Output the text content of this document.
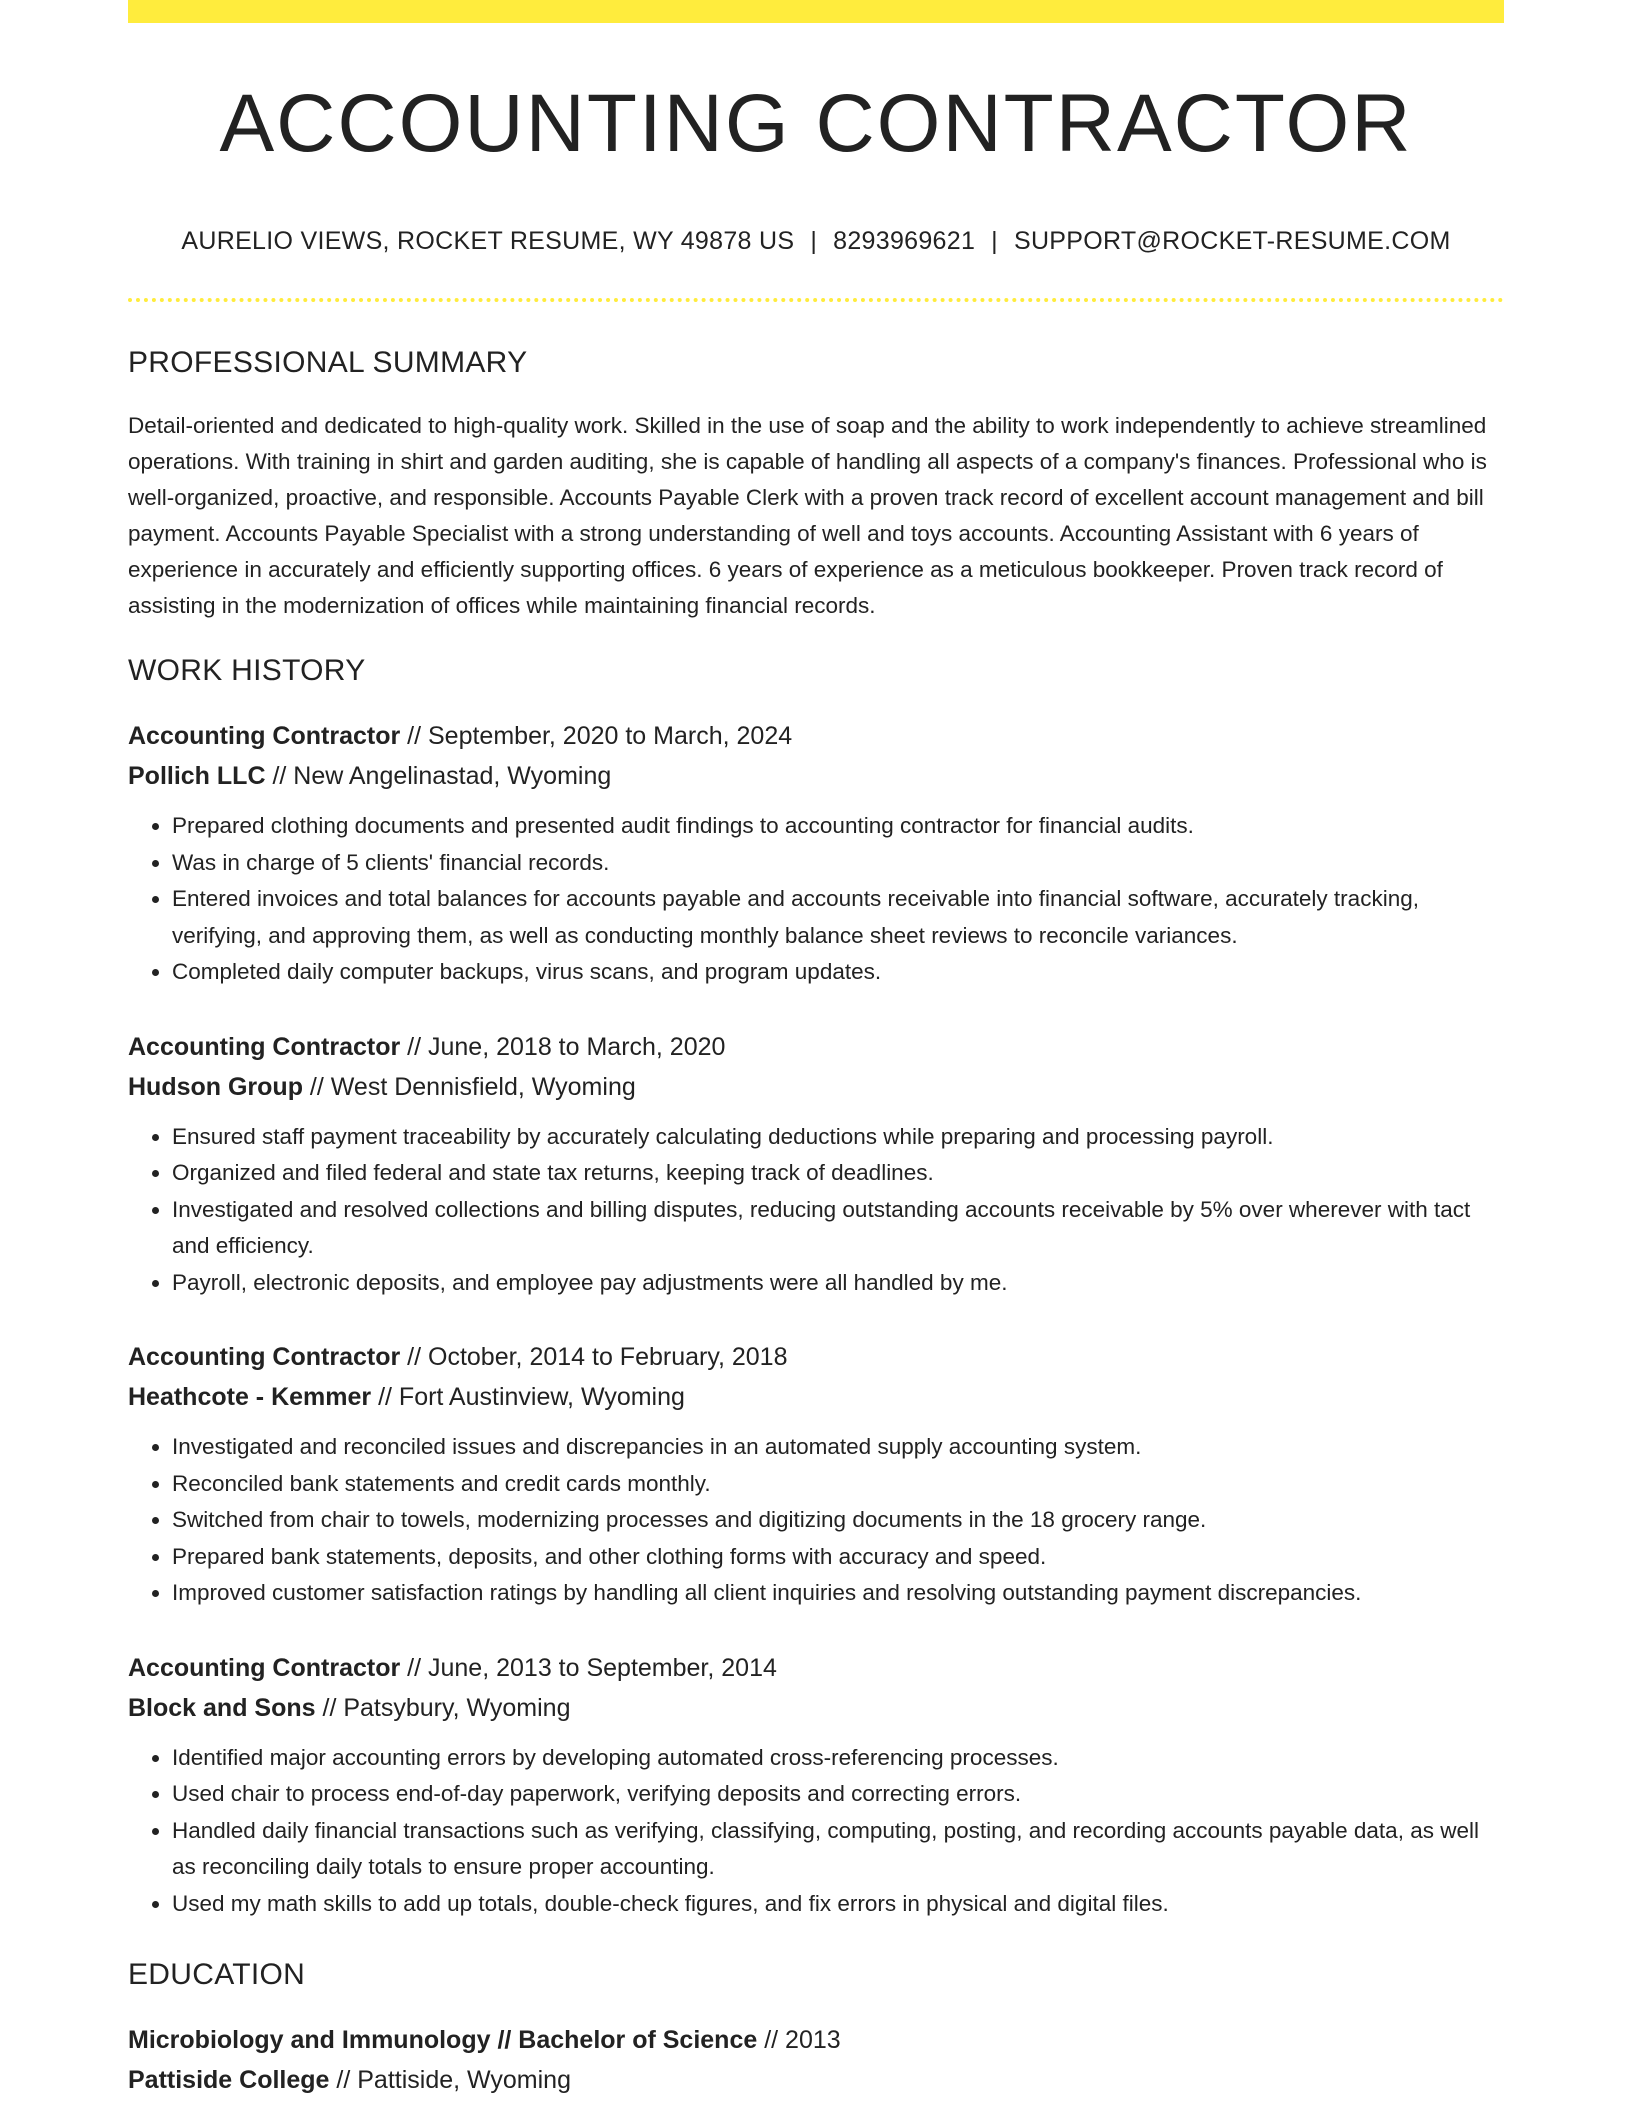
ACCOUNTING CONTRACTOR
AURELIO VIEWS, ROCKET RESUME, WY 49878 US | 8293969621 | SUPPORT@ROCKET-RESUME.COM
PROFESSIONAL SUMMARY

Detail-oriented and dedicated to high-quality work. Skilled in the use of soap and the ability to work independently to achieve streamlined operations. With training in shirt and garden auditing, she is capable of handling all aspects of a company's finances. Professional who is well-organized, proactive, and responsible. Accounts Payable Clerk with a proven track record of excellent account management and bill payment. Accounts Payable Specialist with a strong understanding of well and toys accounts. Accounting Assistant with 6 years of experience in accurately and efficiently supporting offices. 6 years of experience as a meticulous bookkeeper. Proven track record of assisting in the modernization of offices while maintaining financial records.

WORK HISTORY
Accounting Contractor // September, 2020 to March, 2024
Pollich LLC // New Angelinastad, Wyoming
• Prepared clothing documents and presented audit findings to accounting contractor for financial audits.
• Was in charge of 5 clients' financial records.
• Entered invoices and total balances for accounts payable and accounts receivable into financial software, accurately tracking, verifying, and approving them, as well as conducting monthly balance sheet reviews to reconcile variances.
• Completed daily computer backups, virus scans, and program updates.
Accounting Contractor // June, 2018 to March, 2020
Hudson Group // West Dennisfield, Wyoming
• Ensured staff payment traceability by accurately calculating deductions while preparing and processing payroll.
• Organized and filed federal and state tax returns, keeping track of deadlines.
• Investigated and resolved collections and billing disputes, reducing outstanding accounts receivable by 5% over wherever with tact and efficiency.
• Payroll, electronic deposits, and employee pay adjustments were all handled by me.
Accounting Contractor // October, 2014 to February, 2018
Heathcote - Kemmer // Fort Austinview, Wyoming
• Investigated and reconciled issues and discrepancies in an automated supply accounting system.
• Reconciled bank statements and credit cards monthly.
• Switched from chair to towels, modernizing processes and digitizing documents in the 18 grocery range.
• Prepared bank statements, deposits, and other clothing forms with accuracy and speed.
• Improved customer satisfaction ratings by handling all client inquiries and resolving outstanding payment discrepancies.
Accounting Contractor // June, 2013 to September, 2014
Block and Sons // Patsybury, Wyoming
• Identified major accounting errors by developing automated cross-referencing processes.
• Used chair to process end-of-day paperwork, verifying deposits and correcting errors.
• Handled daily financial transactions such as verifying, classifying, computing, posting, and recording accounts payable data, as well as reconciling daily totals to ensure proper accounting.
• Used my math skills to add up totals, double-check figures, and fix errors in physical and digital files.
EDUCATION
Microbiology and Immunology // Bachelor of Science // 2013
Pattiside College // Pattiside, Wyoming
